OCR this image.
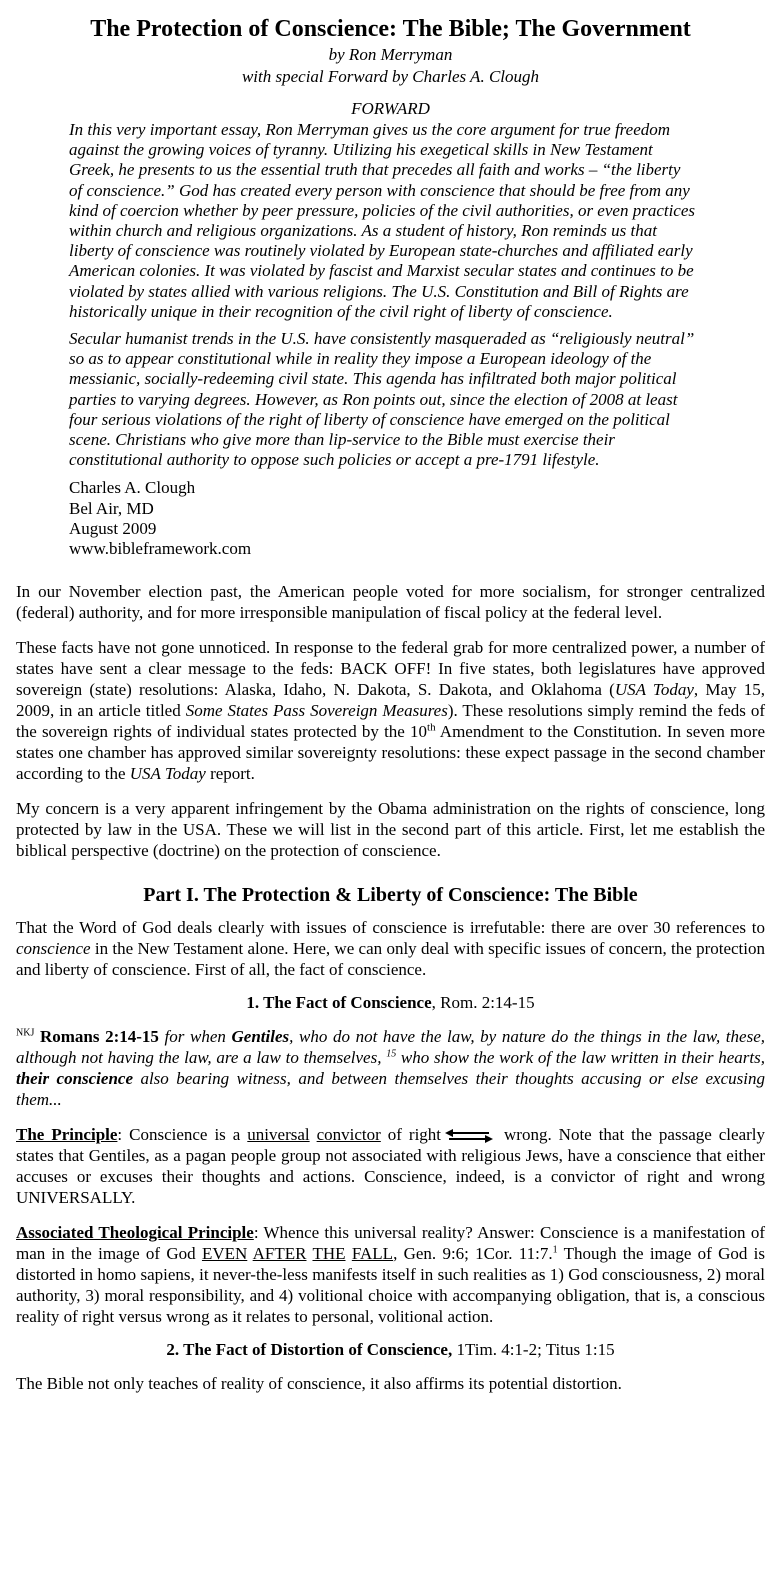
The Protection of Conscience: The Bible; The Government

by Ron Merryman

with special Forward by Charles A. Clough

FORWARD

In this very important essay, Ron Merryman gives us the core argument for true freedom against the growing voices of tyranny. Utilizing his exegetical skills in New Testament Greek, he presents to us the essential truth that precedes all faith and works – “the liberty of conscience.” God has created every person with conscience that should be free from any kind of coercion whether by peer pressure, policies of the civil authorities, or even practices within church and religious organizations. As a student of history, Ron reminds us that liberty of conscience was routinely violated by European state-churches and affiliated early American colonies. It was violated by fascist and Marxist secular states and continues to be violated by states allied with various religions. The U.S. Constitution and Bill of Rights are historically unique in their recognition of the civil right of liberty of conscience.

Secular humanist trends in the U.S. have consistently masqueraded as “religiously neutral” so as to appear constitutional while in reality they impose a European ideology of the messianic, socially-redeeming civil state. This agenda has infiltrated both major political parties to varying degrees. However, as Ron points out, since the election of 2008 at least four serious violations of the right of liberty of conscience have emerged on the political scene. Christians who give more than lip-service to the Bible must exercise their constitutional authority to oppose such policies or accept a pre-1791 lifestyle.

Charles A. Clough
Bel Air, MD
August 2009
www.bibleframework.com

In our November election past, the American people voted for more socialism, for stronger centralized (federal) authority, and for more irresponsible manipulation of fiscal policy at the federal level.

These facts have not gone unnoticed. In response to the federal grab for more centralized power, a number of states have sent a clear message to the feds: BACK OFF! In five states, both legislatures have approved sovereign (state) resolutions: Alaska, Idaho, N. Dakota, S. Dakota, and Oklahoma (USA Today, May 15, 2009, in an article titled Some States Pass Sovereign Measures). These resolutions simply remind the feds of the sovereign rights of individual states protected by the 10th Amendment to the Constitution. In seven more states one chamber has approved similar sovereignty resolutions: these expect passage in the second chamber according to the USA Today report.

My concern is a very apparent infringement by the Obama administration on the rights of conscience, long protected by law in the USA. These we will list in the second part of this article. First, let me establish the biblical perspective (doctrine) on the protection of conscience.

Part I. The Protection & Liberty of Conscience: The Bible

That the Word of God deals clearly with issues of conscience is irrefutable: there are over 30 references to conscience in the New Testament alone. Here, we can only deal with specific issues of concern, the protection and liberty of conscience. First of all, the fact of conscience.

1. The Fact of Conscience, Rom. 2:14-15

$^{NKJ}$ Romans 2:14-15 for when Gentiles, who do not have the law, by nature do the things in the law, these, although not having the law, are a law to themselves, $^{15}$ who show the work of the law written in their hearts, their conscience also bearing witness, and between themselves their thoughts accusing or else excusing them...

The Principle: Conscience is a universal convictor of right	wrong. Note that the passage clearly states that Gentiles, as a pagan people group not associated with religious Jews, have a conscience that either accuses or excuses their thoughts and actions. Conscience, indeed, is a convictor of right and wrong UNIVERSALLY.

Associated Theological Principle: Whence this universal reality? Answer: Conscience is a manifestation of man in the image of God EVEN AFTER THE FALL, Gen. 9:6; 1Cor. 11:7.$^1$ Though the image of God is distorted in homo sapiens, it never-the-less manifests itself in such realities as 1) God consciousness, 2) moral authority, 3) moral responsibility, and 4) volitional choice with accompanying obligation, that is, a conscious reality of right versus wrong as it relates to personal, volitional action.

2. The Fact of Distortion of Conscience, 1Tim. 4:1-2; Titus 1:15

The Bible not only teaches of reality of conscience, it also affirms its potential distortion.
